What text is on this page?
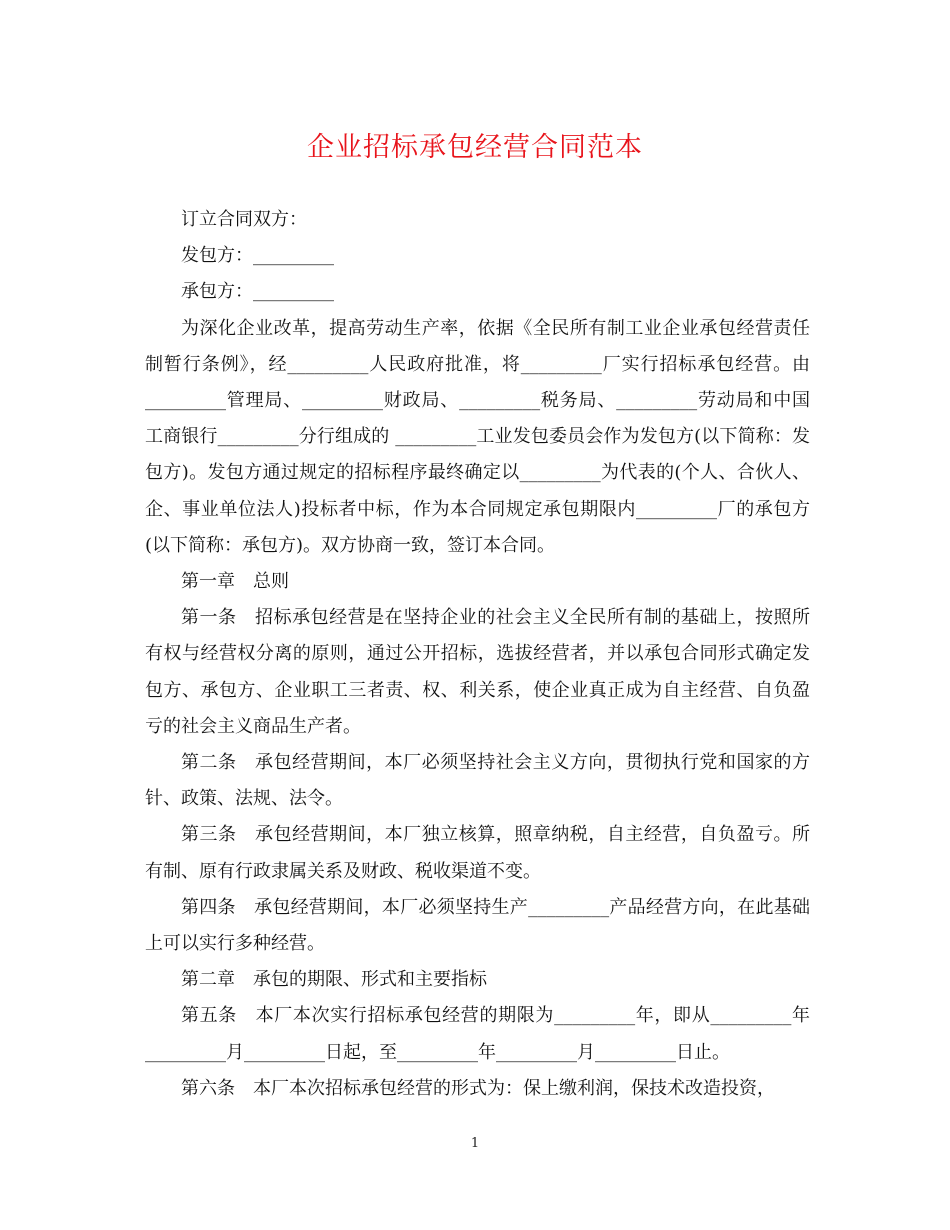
企业招标承包经营合同范本

订立合同双方：

发包方：_________

承包方：_________

为深化企业改革，提高劳动生产率，依据《全民所有制工业企业承包经营责任制暂行条例》，经_________人民政府批准，将_________厂实行招标承包经营。由 _________管理局、_________财政局、_________税务局、_________劳动局和中国工商银行_________分行组成的 _________工业发包委员会作为发包方(以下简称：发包方)。发包方通过规定的招标程序最终确定以_________为代表的(个人、合伙人、企、事业单位法人)投标者中标，作为本合同规定承包期限内_________厂的承包方(以下简称：承包方)。双方协商一致，签订本合同。

第一章　总则

第一条　招标承包经营是在坚持企业的社会主义全民所有制的基础上，按照所有权与经营权分离的原则，通过公开招标，选拔经营者，并以承包合同形式确定发包方、承包方、企业职工三者责、权、利关系，使企业真正成为自主经营、自负盈亏的社会主义商品生产者。

第二条　承包经营期间，本厂必须坚持社会主义方向，贯彻执行党和国家的方针、政策、法规、法令。

第三条　承包经营期间，本厂独立核算，照章纳税，自主经营，自负盈亏。所有制、原有行政隶属关系及财政、税收渠道不变。

第四条　承包经营期间，本厂必须坚持生产_________产品经营方向，在此基础上可以实行多种经营。

第二章　承包的期限、形式和主要指标

第五条　本厂本次实行招标承包经营的期限为_________年，即从_________年_________月_________日起，至_________年_________月_________日止。

第六条　本厂本次招标承包经营的形式为：保上缴利润，保技术改造投资，

1
